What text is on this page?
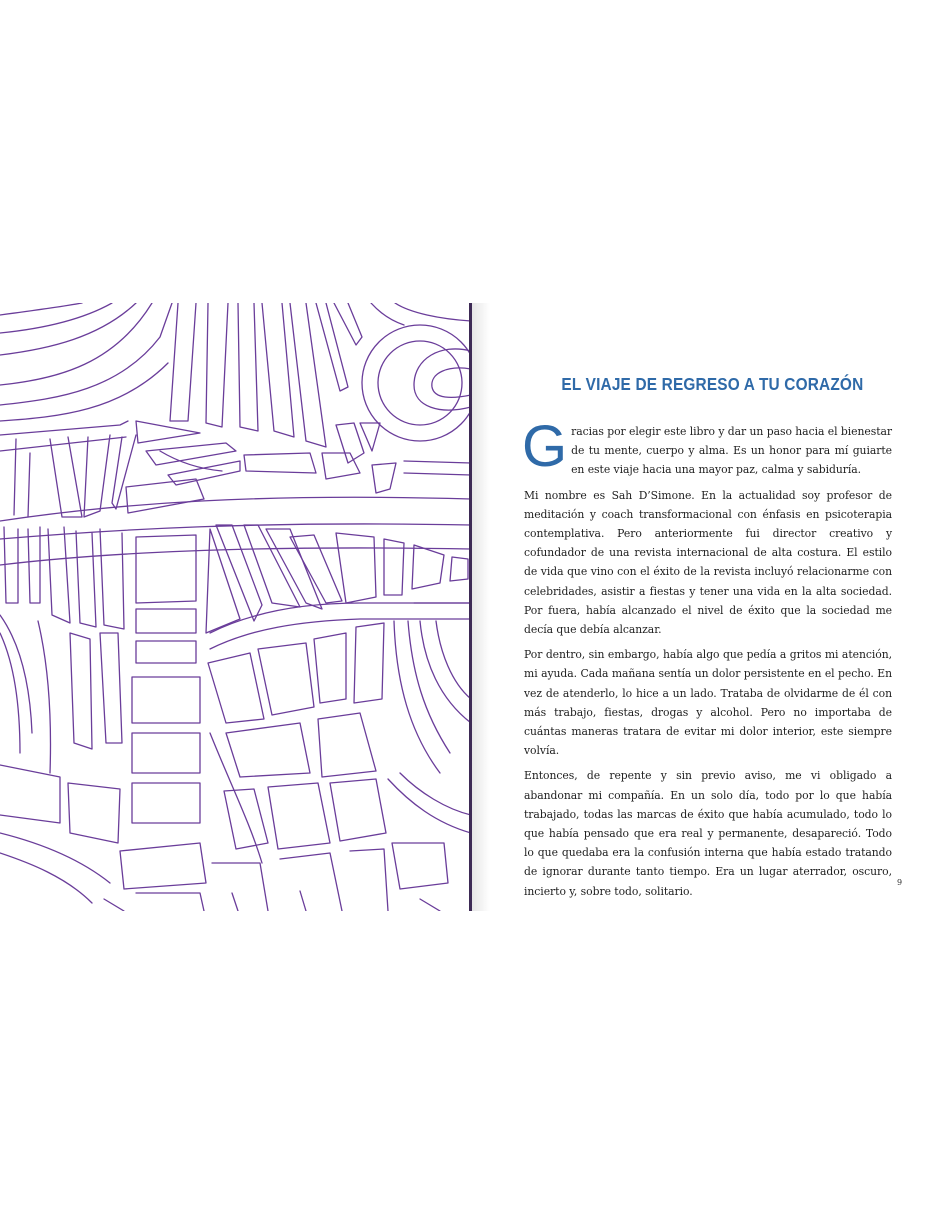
EL VIAJE DE REGRESO A TU CORAZÓN

Gracias por elegir este libro y dar un paso hacia el bienestar de tu mente, cuerpo y alma. Es un honor para mí guiarte en este viaje hacia una mayor paz, calma y sabiduría.

Mi nombre es Sah D’Simone. En la actualidad soy profesor de meditación y coach transformacional con énfasis en psicoterapia contemplativa. Pero anteriormente fui director creativo y cofundador de una revista internacional de alta costura. El estilo de vida que vino con el éxito de la revista incluyó relacionarme con celebridades, asistir a fiestas y tener una vida en la alta sociedad. Por fuera, había alcanzado el nivel de éxito que la sociedad me decía que debía alcanzar.

Por dentro, sin embargo, había algo que pedía a gritos mi atención, mi ayuda. Cada mañana sentía un dolor persistente en el pecho. En vez de atenderlo, lo hice a un lado. Trataba de olvidarme de él con más trabajo, fiestas, drogas y alcohol. Pero no importaba de cuántas maneras tratara de evitar mi dolor interior, este siempre volvía.

Entonces, de repente y sin previo aviso, me vi obligado a abandonar mi compañía. En un solo día, todo por lo que había trabajado, todas las marcas de éxito que había acumulado, todo lo que había pensado que era real y permanente, desapareció. Todo lo que quedaba era la confusión interna que había estado tratando de ignorar durante tanto tiempo. Era un lugar aterrador, oscuro, incierto y, sobre todo, solitario.

9
